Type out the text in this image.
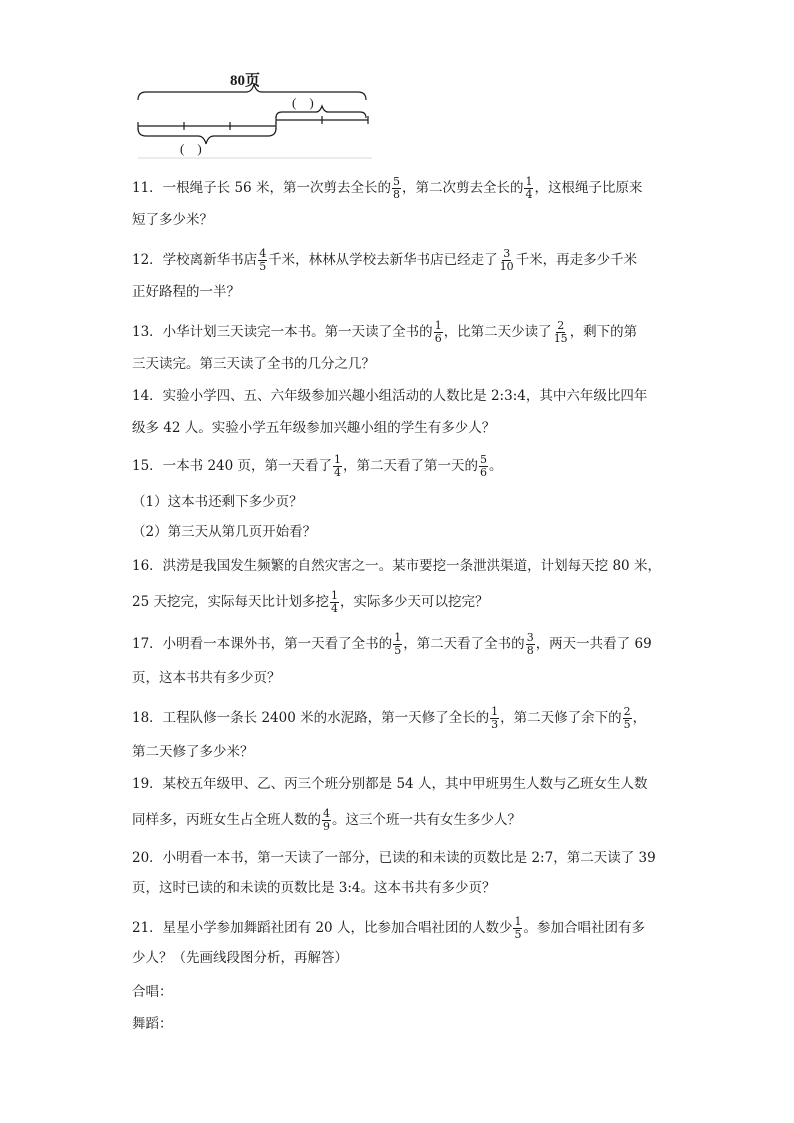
80页
(　)
(　)
11．一根绳子长 56 米，第一次剪去全长的 $\frac{5}{8}$ ，第二次剪去全长的 $\frac{1}{4}$ ，这根绳子比原来
短了多少米？
12．学校离新华书店 $\frac{4}{5}$ 千米，林林从学校去新华书店已经走了 $\frac{3}{10}$ 千米，再走多少千米
正好路程的一半？
13．小华计划三天读完一本书。第一天读了全书的 $\frac{1}{6}$ ，比第二天少读了 $\frac{2}{15}$ ，剩下的第
三天读完。第三天读了全书的几分之几？
14．实验小学四、五、六年级参加兴趣小组活动的人数比是 2:3:4，其中六年级比四年
级多 42 人。实验小学五年级参加兴趣小组的学生有多少人？
15．一本书 240 页，第一天看了 $\frac{1}{4}$ ，第二天看了第一天的 $\frac{5}{6}$ 。
（1）这本书还剩下多少页？
（2）第三天从第几页开始看？
16．洪涝是我国发生频繁的自然灾害之一。某市要挖一条泄洪渠道，计划每天挖 80 米，
25 天挖完，实际每天比计划多挖 $\frac{1}{4}$ ，实际多少天可以挖完？
17．小明看一本课外书，第一天看了全书的 $\frac{1}{5}$ ，第二天看了全书的 $\frac{3}{8}$ ，两天一共看了 69
页，这本书共有多少页？
18．工程队修一条长 2400 米的水泥路，第一天修了全长的 $\frac{1}{3}$ ，第二天修了余下的 $\frac{2}{5}$ ，
第二天修了多少米？
19．某校五年级甲、乙、丙三个班分别都是 54 人，其中甲班男生人数与乙班女生人数
同样多，丙班女生占全班人数的 $\frac{4}{9}$ 。这三个班一共有女生多少人？
20．小明看一本书，第一天读了一部分，已读的和未读的页数比是 2:7，第二天读了 39
页，这时已读的和未读的页数比是 3:4。这本书共有多少页？
21．星星小学参加舞蹈社团有 20 人，比参加合唱社团的人数少 $\frac{1}{5}$ 。参加合唱社团有多
少人？（先画线段图分析，再解答）
合唱：
舞蹈：
